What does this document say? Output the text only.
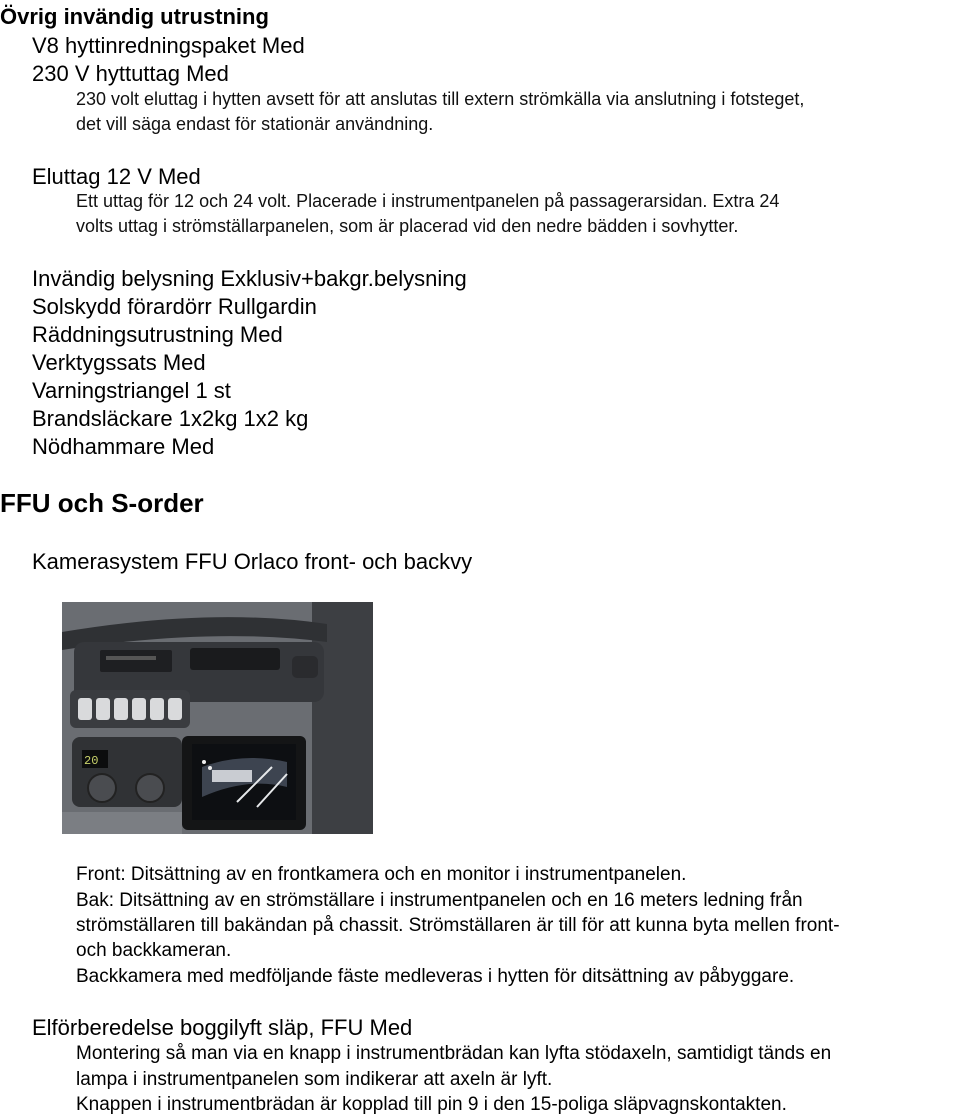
Övrig invändig utrustning
V8 hyttinredningspaket Med
230 V hyttuttag Med
230 volt eluttag i hytten avsett för att anslutas till extern strömkälla via anslutning i fotsteget,
det vill säga endast för stationär användning.
Eluttag 12 V Med
Ett uttag för 12 och 24 volt. Placerade i instrumentpanelen på passagerarsidan. Extra 24
volts uttag i strömställarpanelen, som är placerad vid den nedre bädden i sovhytter.
Invändig belysning Exklusiv+bakgr.belysning
Solskydd förardörr Rullgardin
Räddningsutrustning Med
Verktygssats Med
Varningstriangel 1 st
Brandsläckare 1x2kg 1x2 kg
Nödhammare Med
FFU och S-order
Kamerasystem FFU Orlaco front- och backvy
20
Front: Ditsättning av en frontkamera och en monitor i instrumentpanelen.
Bak: Ditsättning av en strömställare i instrumentpanelen och en 16 meters ledning från
strömställaren till bakändan på chassit. Strömställaren är till för att kunna byta mellen front-
och backkameran.
Backkamera med medföljande fäste medleveras i hytten för ditsättning av påbyggare.
Elförberedelse boggilyft släp, FFU Med
Montering så man via en knapp i instrumentbrädan kan lyfta stödaxeln, samtidigt tänds en
lampa i instrumentpanelen som indikerar att axeln är lyft.
Knappen i instrumentbrädan är kopplad till pin 9 i den 15-poliga släpvagnskontakten.
